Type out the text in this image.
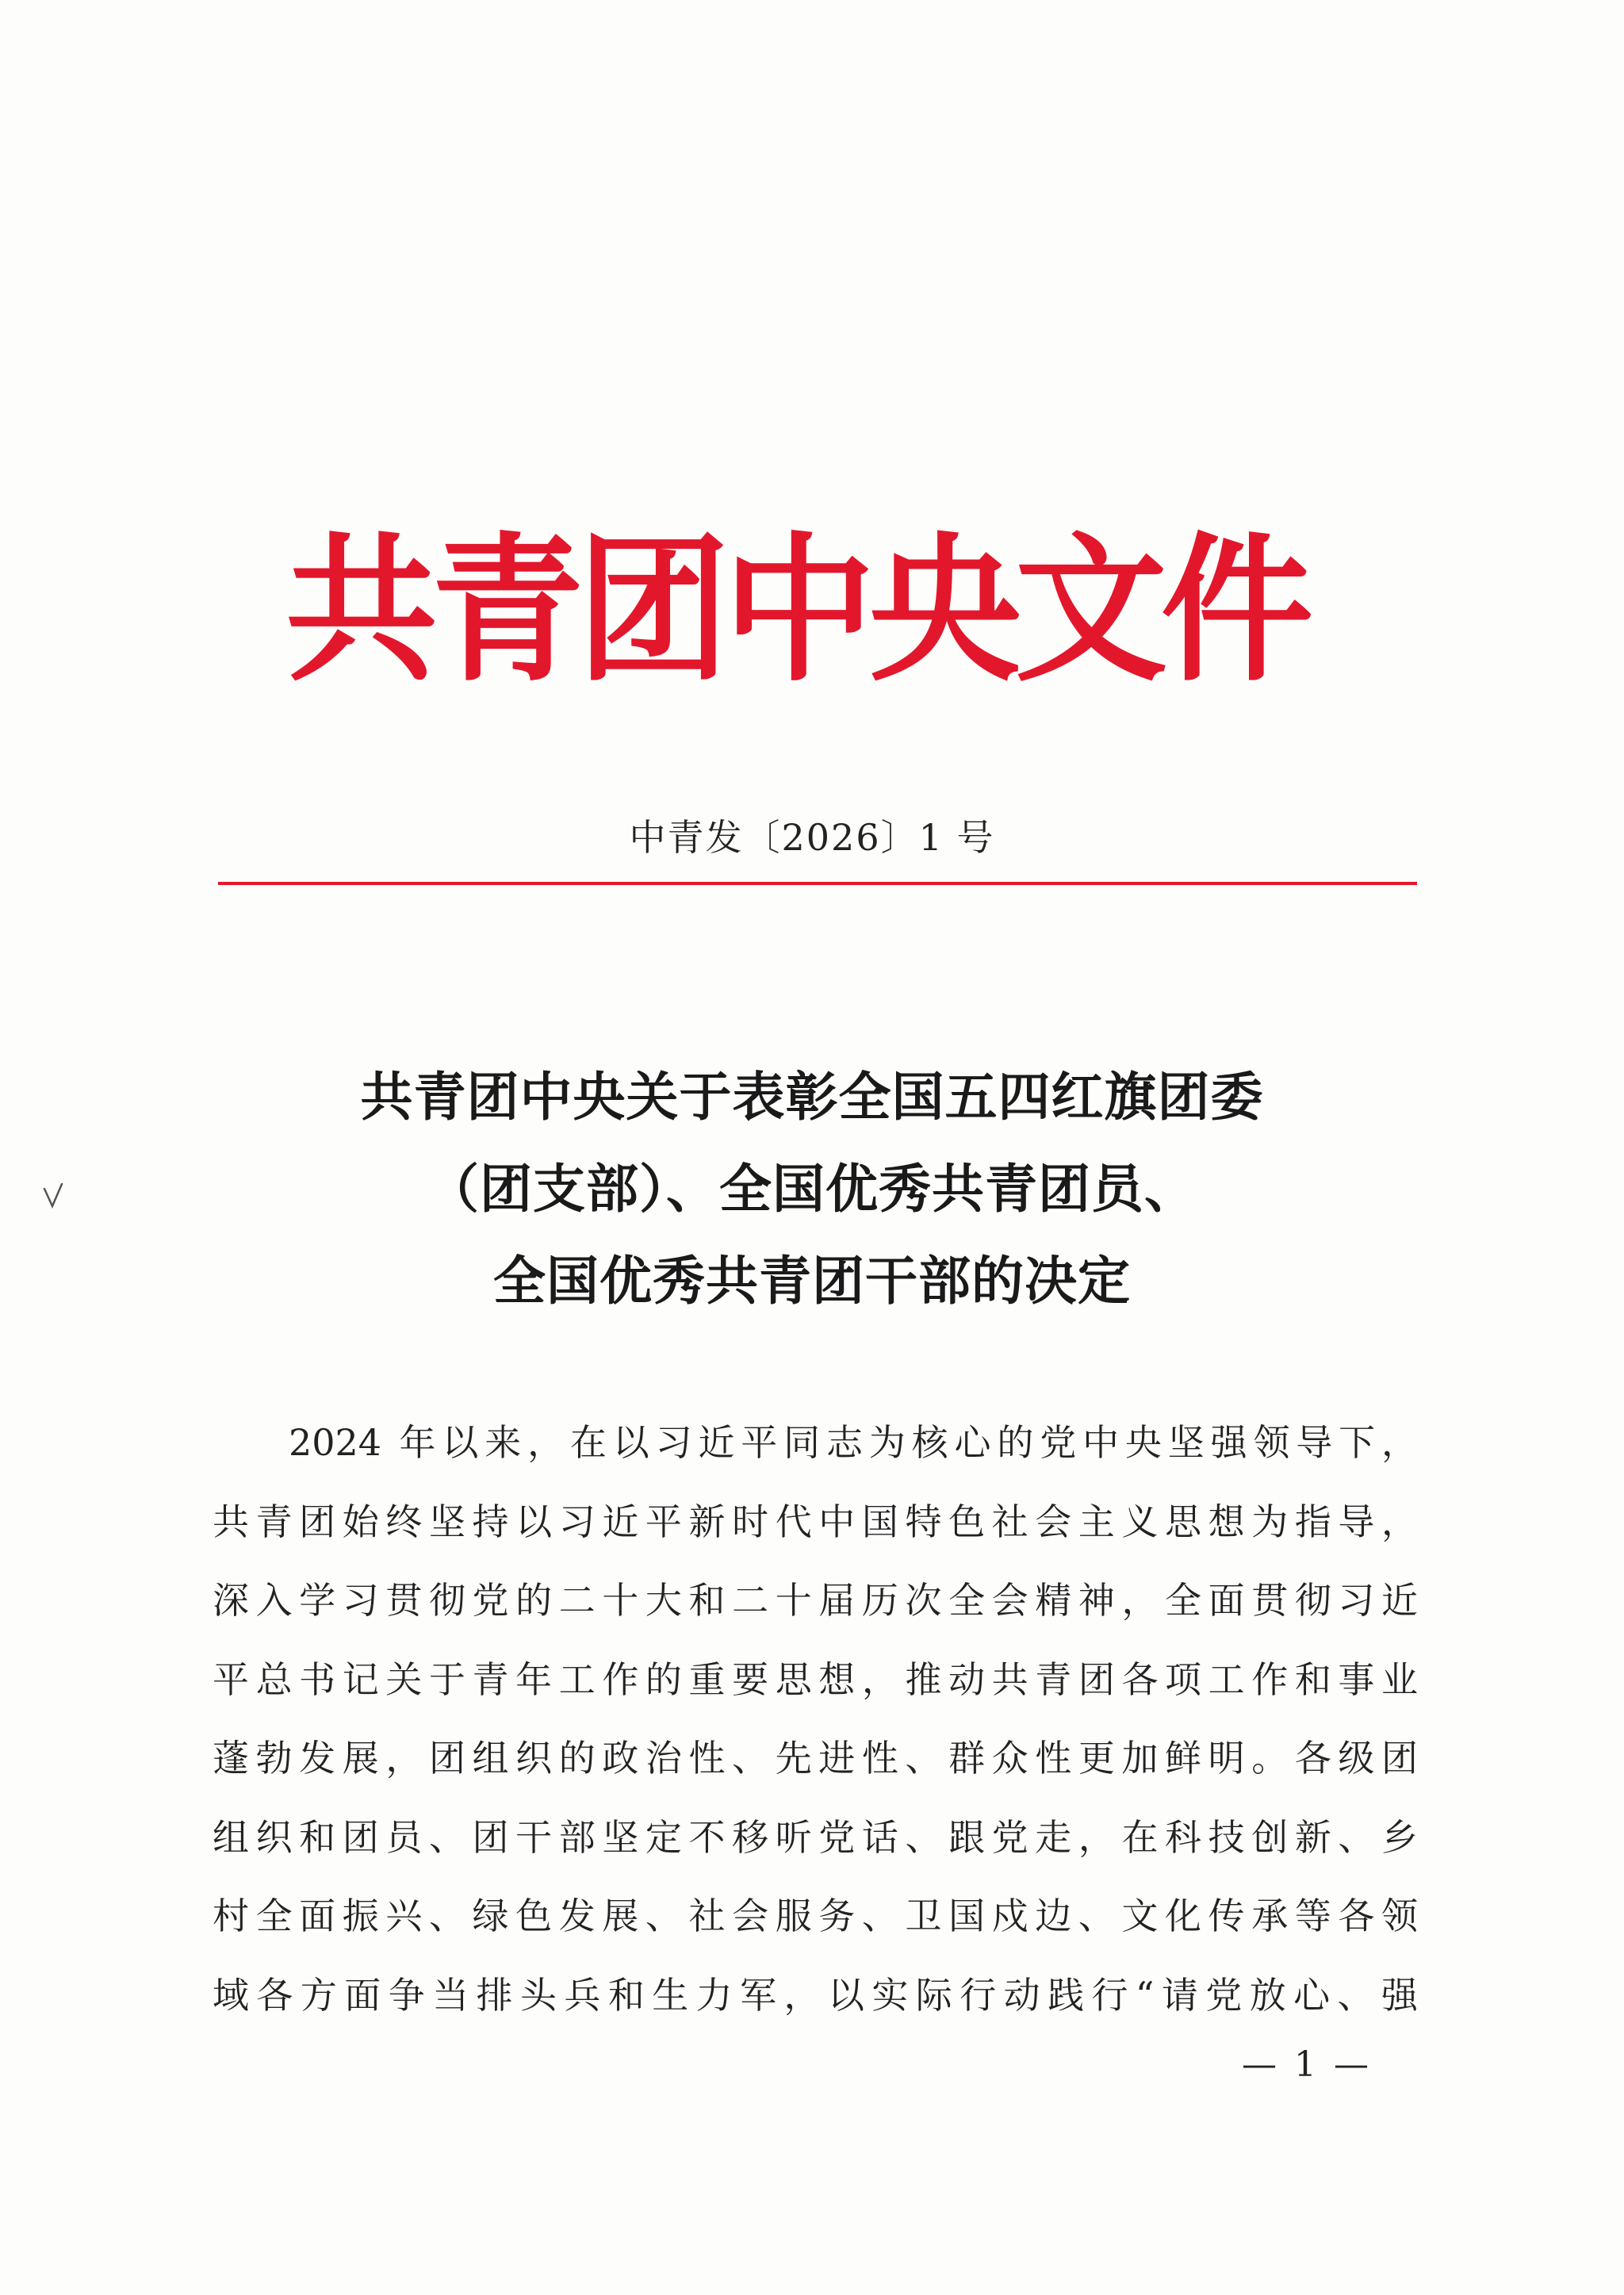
共
青
团
中
央
文
件
中青发〔2026〕1 号
共青团中央关于表彰全国五四红旗团委
（团支部）、全国优秀共青团员、
全国优秀共青团干部的决定
2024 年以来，在以习近平同志为核心的党中央坚强领导下，
共青团始终坚持以习近平新时代中国特色社会主义思想为指导，
深入学习贯彻党的二十大和二十届历次全会精神，全面贯彻习近
平总书记关于青年工作的重要思想，推动共青团各项工作和事业
蓬勃发展，团组织的政治性、先进性、群众性更加鲜明。各级团
组织和团员、团干部坚定不移听党话、跟党走，在科技创新、乡
村全面振兴、绿色发展、社会服务、卫国戍边、文化传承等各领
域各方面争当排头兵和生力军，以实际行动践行“请党放心、强
— 1 —
